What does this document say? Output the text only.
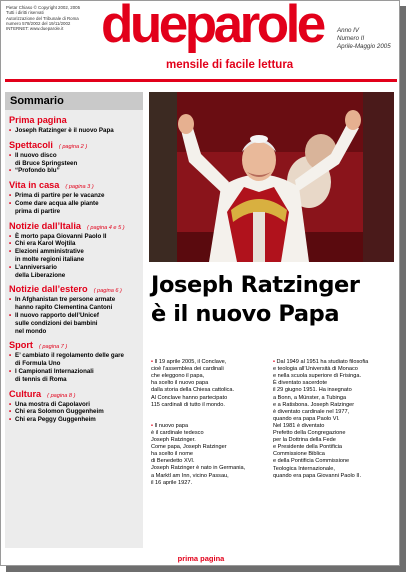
Pietar Chiaso © Copyright 2002, 2005
Tutti i diritti riservati
Autorizzazione del Tribunale di Roma
numero 578/2002 del 19/11/2002
INTERNET: www.dueparole.it dueparole
mensile di facile lettura
Anno IV
Numero II
Aprile-Maggio 2005
Sommario
Prima pagina
• Joseph Ratzinger è il nuovo Papa
Spettacoli ( pagina 2 )
• Il nuovo disco
di Bruce Springsteen
• “Profondo blu”
Vita in casa ( pagina 3 )
• Prima di partire per le vacanze
• Come dare acqua alle piante
prima di partire
Notizie dall’Italia ( pagina 4 e 5 )
• È morto papa Giovanni Paolo II
• Chi era Karol Wojtila
• Elezioni amministrative
in molte regioni italiane
• L’anniversario
della Liberazione
Notizie dall’estero ( pagina 6 )
• In Afghanistan tre persone armate
hanno rapito Clementina Cantoni
• Il nuovo rapporto dell’Unicef
sulle condizioni dei bambini
nel mondo
Sport ( pagina 7 )
• E’ cambiato il regolamento delle gare
di Formula Uno
• I Campionati Internazionali
di tennis di Roma
Cultura ( pagina 8 )
• Una mostra di Capolavori
• Chi era Solomon Guggenheim
• Chi era Peggy Guggenheim
Joseph Ratzinger
è il nuovo Papa

• Il 19 aprile 2005, il Conclave,
cioè l’assemblea dei cardinali
che eleggono il papa,
ha scelto il nuovo papa
dalla storia della Chiesa cattolica.
Al Conclave hanno partecipato
115 cardinali di tutto il mondo.

• Il nuovo papa
è il cardinale tedesco
Joseph Ratzinger.
Come papa, Joseph Ratzinger
ha scelto il nome
di Benedetto XVI.
Joseph Ratzinger è nato in Germania,
a Marktl am Inn, vicino Passau,
il 16 aprile 1927.

• Dal 1949 al 1951 ha studiato filosofia
e teologia all’Università di Monaco
e nella scuola superiore di Frisinga.
È diventato sacerdote
il 29 giugno 1951. Ha insegnato
a Bonn, a Münster, a Tubinga
e a Ratisbona. Joseph Ratzinger
è diventato cardinale nel 1977,
quando era papa Paolo VI.
Nel 1981 è diventato
Prefetto della Congregazione
per la Dottrina della Fede
e Presidente della Pontificia
Commissione Biblica
e della Pontificia Commissione
Teologica Internazionale,
quando era papa Giovanni Paolo II.

prima pagina
